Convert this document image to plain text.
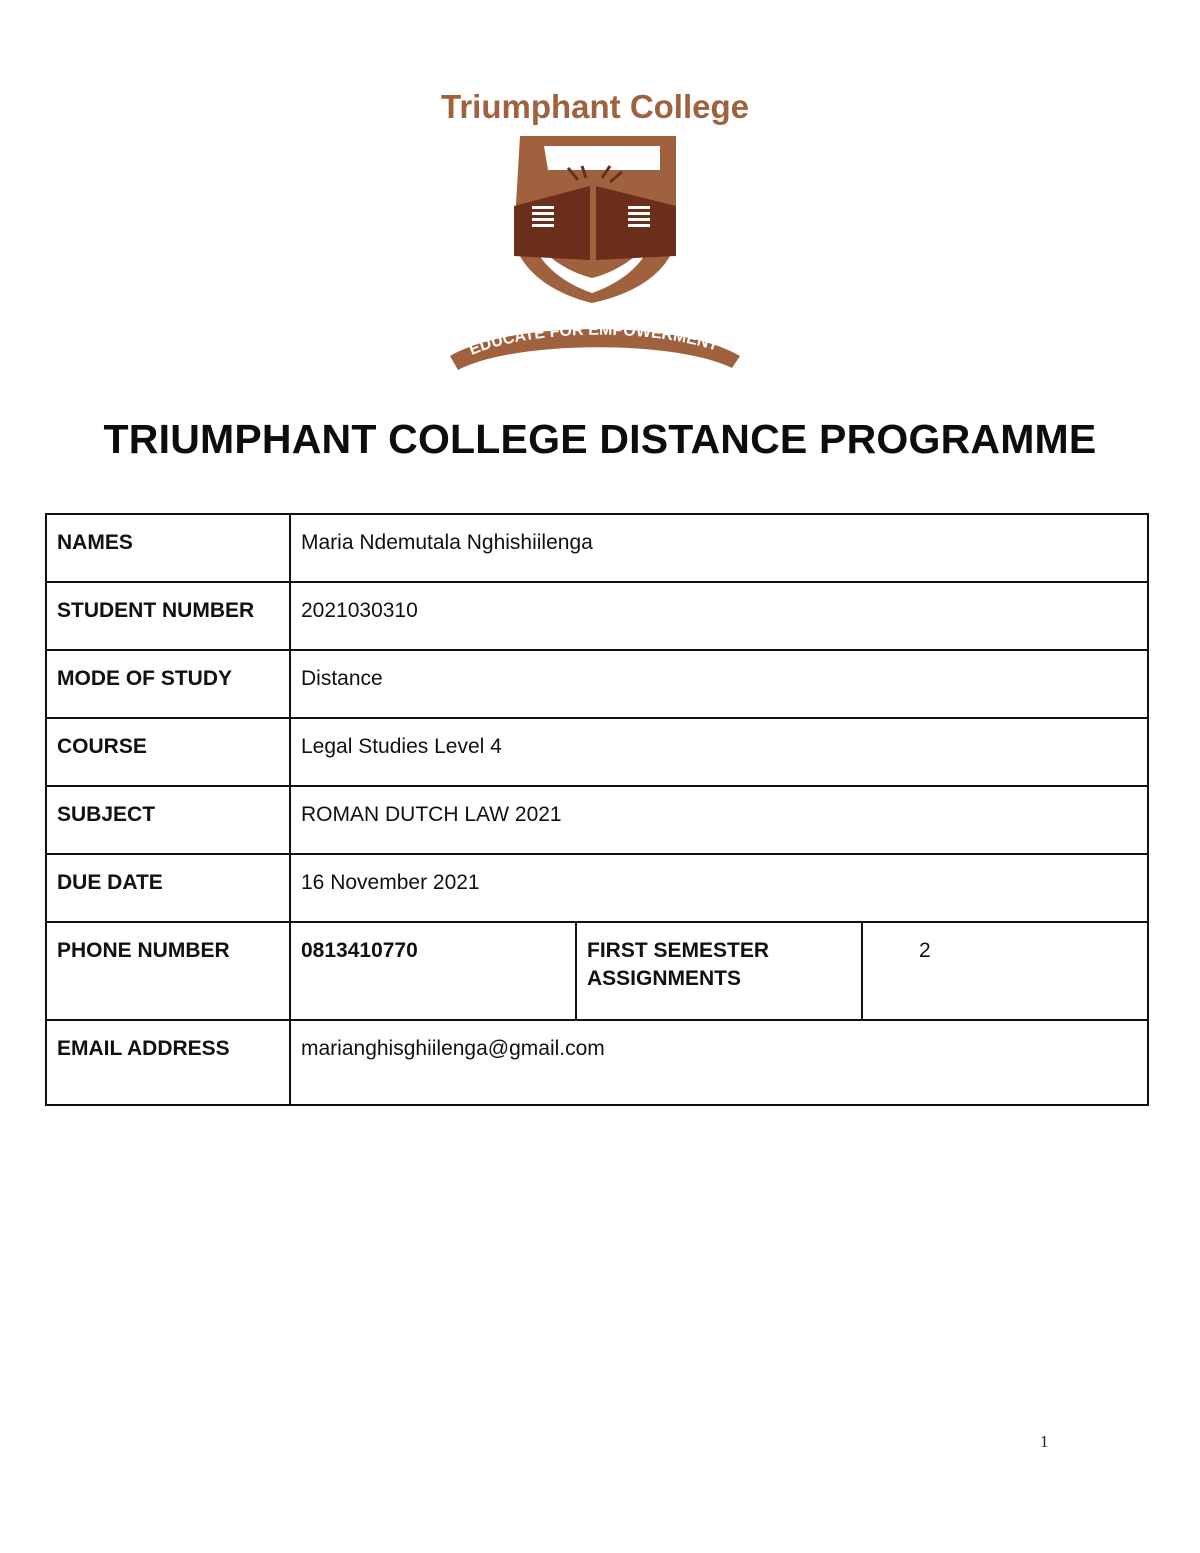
Triumphant College
EDUCATE FOR EMPOWERMENT
TRIUMPHANT COLLEGE DISTANCE PROGRAMME
NAMES	Maria Ndemutala Nghishiilenga		
STUDENT NUMBER	2021030310		
MODE OF STUDY	Distance		
COURSE	Legal Studies Level 4		
SUBJECT	ROMAN DUTCH LAW 2021		
DUE DATE	16 November 2021		
PHONE NUMBER	0813410770	FIRST SEMESTER ASSIGNMENTS	2
EMAIL ADDRESS	marianghisghiilenga@gmail.com		
1
